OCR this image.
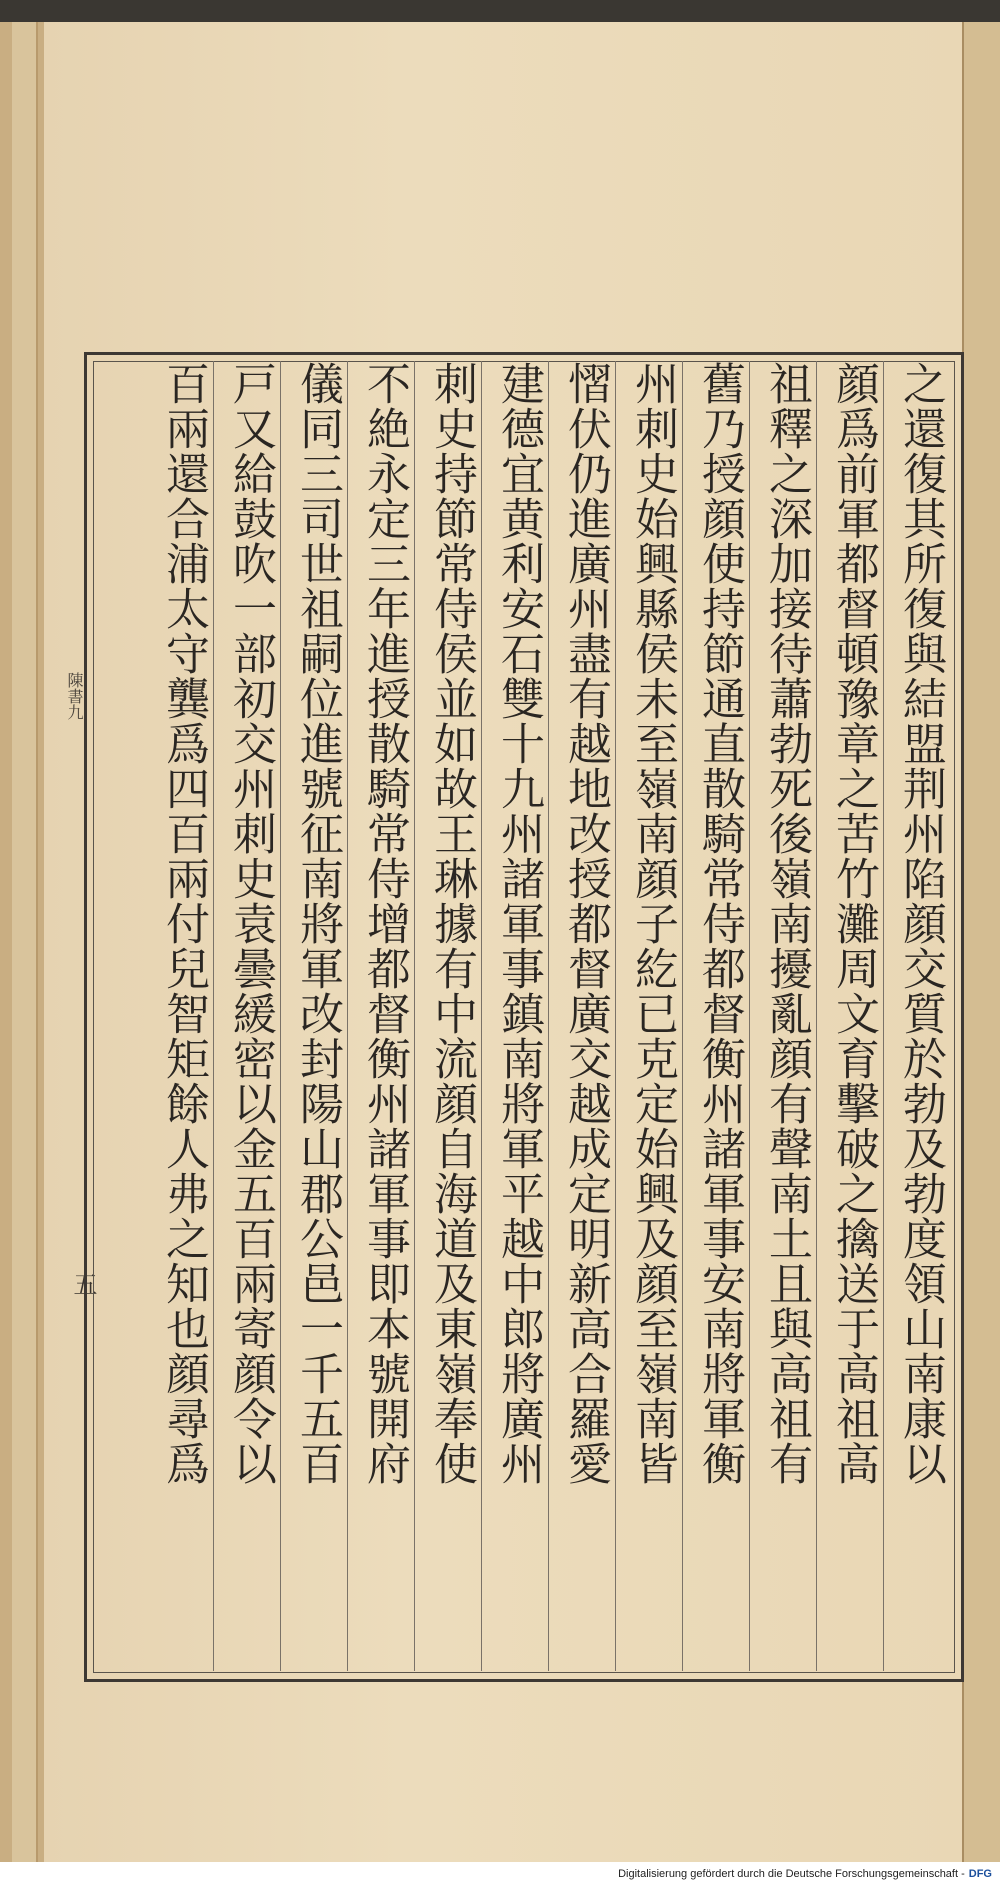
陳書九
五	之還復其所復與結盟荆州陷顔交質於勃及勃度領山南康以
顔爲前軍都督頓豫章之苦竹灘周文育擊破之擒送于高祖高
祖釋之深加接待蕭勃死後嶺南擾亂顔有聲南土且與高祖有
舊乃授顔使持節通直散騎常侍都督衡州諸軍事安南將軍衡
州刺史始興縣侯未至嶺南顔子紇已克定始興及顔至嶺南皆
慴伏仍進廣州盡有越地改授都督廣交越成定明新高合羅愛
建德宜黄利安石雙十九州諸軍事鎮南將軍平越中郎將廣州
刺史持節常侍侯並如故王琳據有中流顔自海道及東嶺奉使
不絶永定三年進授散騎常侍增都督衡州諸軍事即本號開府
儀同三司世祖嗣位進號征南將軍改封陽山郡公邑一千五百
戸又給鼓吹一部初交州刺史袁曇緩密以金五百兩寄顔令以
百兩還合浦太守龔爲四百兩付兒智矩餘人弗之知也顔尋爲
Digitalisierung gefördert durch die Deutsche Forschungsgemeinschaft - DFG
